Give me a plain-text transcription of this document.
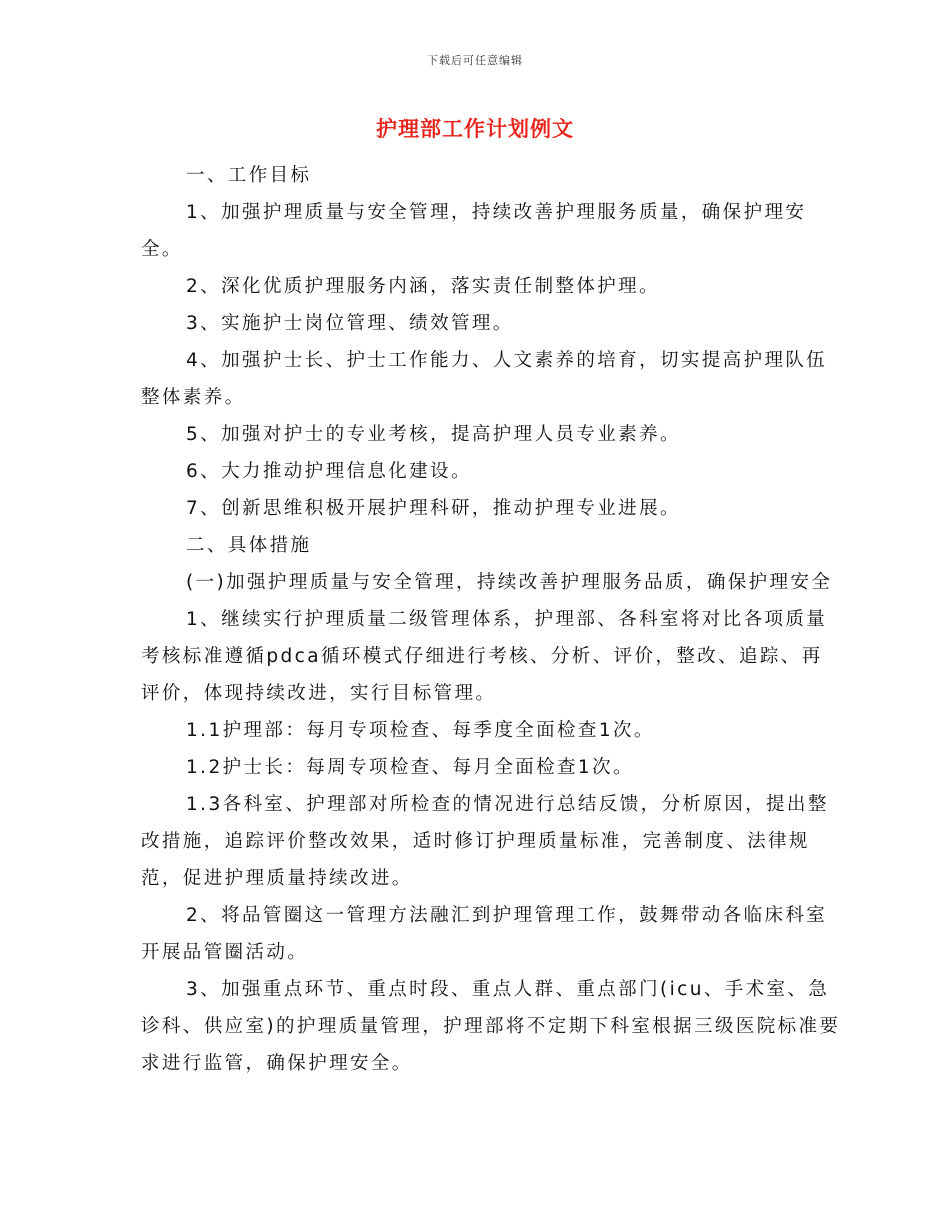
下载后可任意编辑
护理部工作计划例文

一、工作目标

1、加强护理质量与安全管理，持续改善护理服务质量，确保护理安全。

2、深化优质护理服务内涵，落实责任制整体护理。

3、实施护士岗位管理、绩效管理。

4、加强护士长、护士工作能力、人文素养的培育，切实提高护理队伍整体素养。

5、加强对护士的专业考核，提高护理人员专业素养。

6、大力推动护理信息化建设。

7、创新思维积极开展护理科研，推动护理专业进展。

二、具体措施

(一)加强护理质量与安全管理，持续改善护理服务品质，确保护理安全

1、继续实行护理质量二级管理体系，护理部、各科室将对比各项质量考核标准遵循pdca循环模式仔细进行考核、分析、评价，整改、追踪、再评价，体现持续改进，实行目标管理。

1.1护理部：每月专项检查、每季度全面检查1次。

1.2护士长：每周专项检查、每月全面检查1次。

1.3各科室、护理部对所检查的情况进行总结反馈，分析原因，提出整改措施，追踪评价整改效果，适时修订护理质量标准，完善制度、法律规范，促进护理质量持续改进。

2、将品管圈这一管理方法融汇到护理管理工作，鼓舞带动各临床科室开展品管圈活动。

3、加强重点环节、重点时段、重点人群、重点部门(icu、手术室、急诊科、供应室)的护理质量管理，护理部将不定期下科室根据三级医院标准要求进行监管，确保护理安全。
